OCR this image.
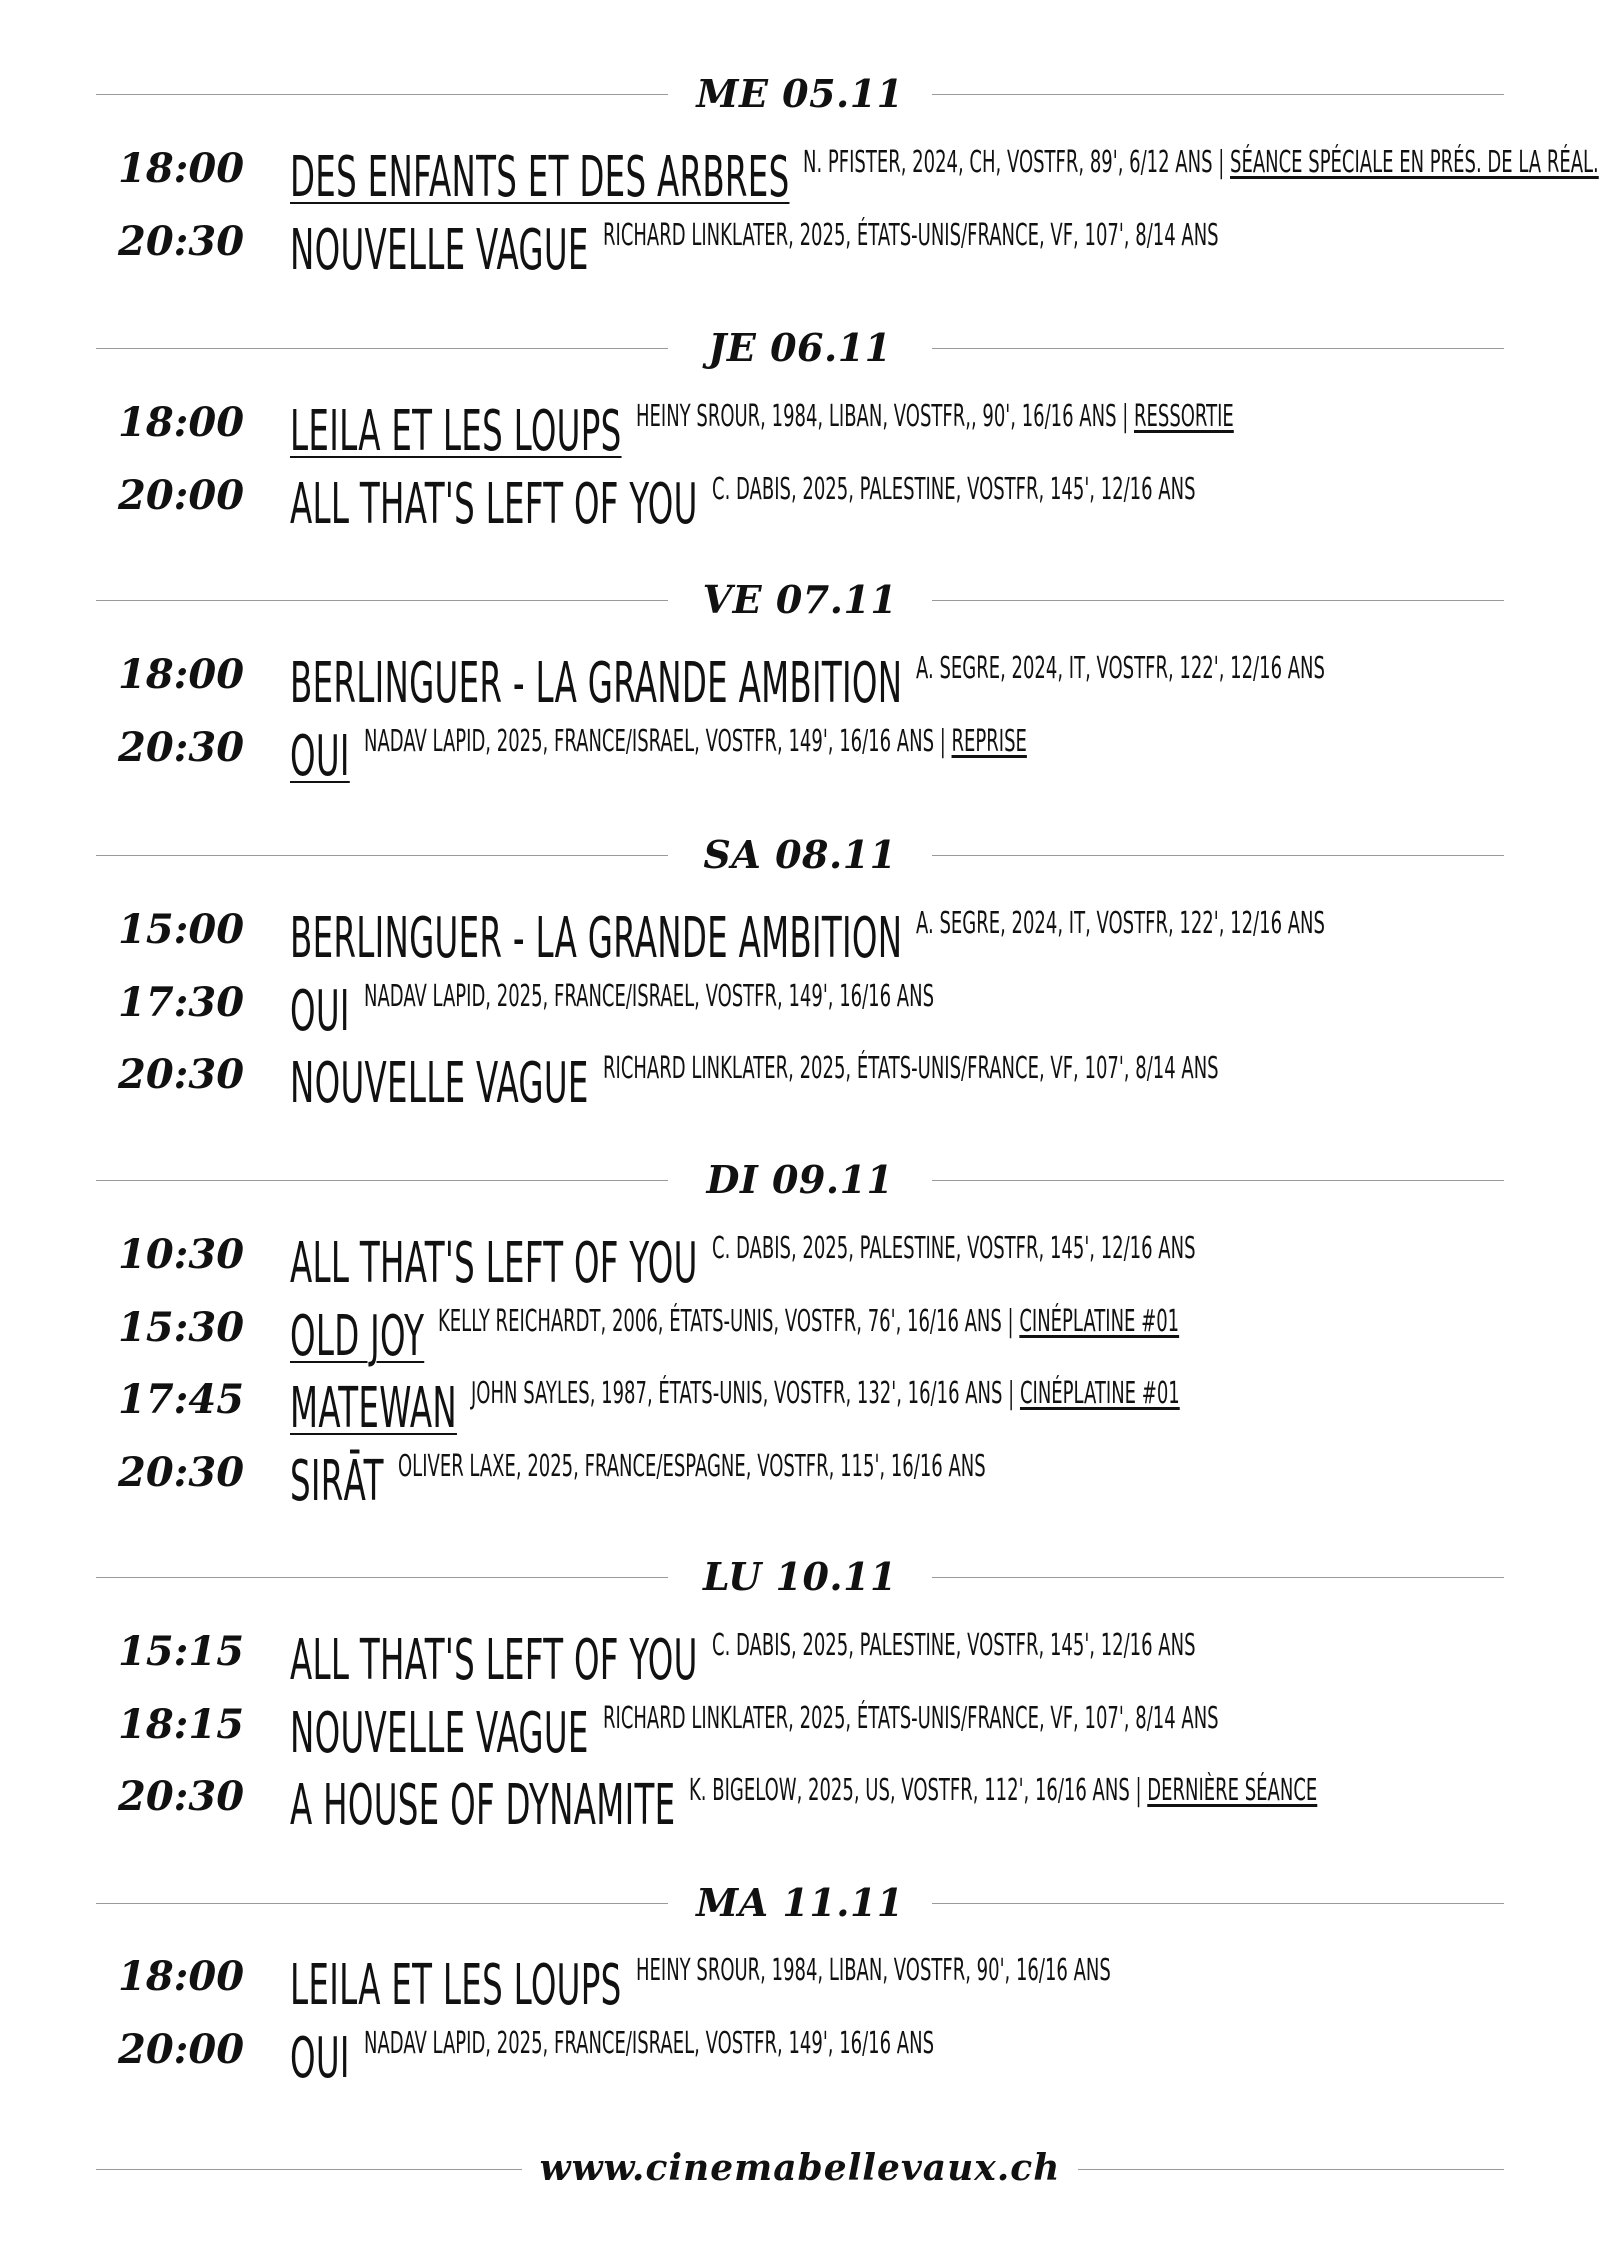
ME 05.11
18:00 DES ENFANTS ET DES ARBRES N. PFISTER, 2024, CH, VOSTFR, 89', 6/12 ANS | SÉANCE SPÉCIALE EN PRÉS. DE LA RÉAL.
20:30 NOUVELLE VAGUE RICHARD LINKLATER, 2025, ÉTATS-UNIS/FRANCE, VF, 107', 8/14 ANS
JE 06.11
18:00 LEILA ET LES LOUPS HEINY SROUR, 1984, LIBAN, VOSTFR,, 90', 16/16 ANS | RESSORTIE
20:00 ALL THAT'S LEFT OF YOU C. DABIS, 2025, PALESTINE, VOSTFR, 145', 12/16 ANS
VE 07.11
18:00 BERLINGUER - LA GRANDE AMBITION A. SEGRE, 2024, IT, VOSTFR, 122', 12/16 ANS
20:30 OUI NADAV LAPID, 2025, FRANCE/ISRAEL, VOSTFR, 149', 16/16 ANS | REPRISE
SA 08.11
15:00 BERLINGUER - LA GRANDE AMBITION A. SEGRE, 2024, IT, VOSTFR, 122', 12/16 ANS
17:30 OUI NADAV LAPID, 2025, FRANCE/ISRAEL, VOSTFR, 149', 16/16 ANS
20:30 NOUVELLE VAGUE RICHARD LINKLATER, 2025, ÉTATS-UNIS/FRANCE, VF, 107', 8/14 ANS
DI 09.11
10:30 ALL THAT'S LEFT OF YOU C. DABIS, 2025, PALESTINE, VOSTFR, 145', 12/16 ANS
15:30 OLD JOY KELLY REICHARDT, 2006, ÉTATS-UNIS, VOSTFR, 76', 16/16 ANS | CINÉPLATINE #01
17:45 MATEWAN JOHN SAYLES, 1987, ÉTATS-UNIS, VOSTFR, 132', 16/16 ANS | CINÉPLATINE #01
20:30 SIRĀT OLIVER LAXE, 2025, FRANCE/ESPAGNE, VOSTFR, 115', 16/16 ANS
LU 10.11
15:15 ALL THAT'S LEFT OF YOU C. DABIS, 2025, PALESTINE, VOSTFR, 145', 12/16 ANS
18:15 NOUVELLE VAGUE RICHARD LINKLATER, 2025, ÉTATS-UNIS/FRANCE, VF, 107', 8/14 ANS
20:30 A HOUSE OF DYNAMITE K. BIGELOW, 2025, US, VOSTFR, 112', 16/16 ANS | DERNIÈRE SÉANCE
MA 11.11
18:00 LEILA ET LES LOUPS HEINY SROUR, 1984, LIBAN, VOSTFR, 90', 16/16 ANS
20:00 OUI NADAV LAPID, 2025, FRANCE/ISRAEL, VOSTFR, 149', 16/16 ANS
www.cinemabellevaux.ch
